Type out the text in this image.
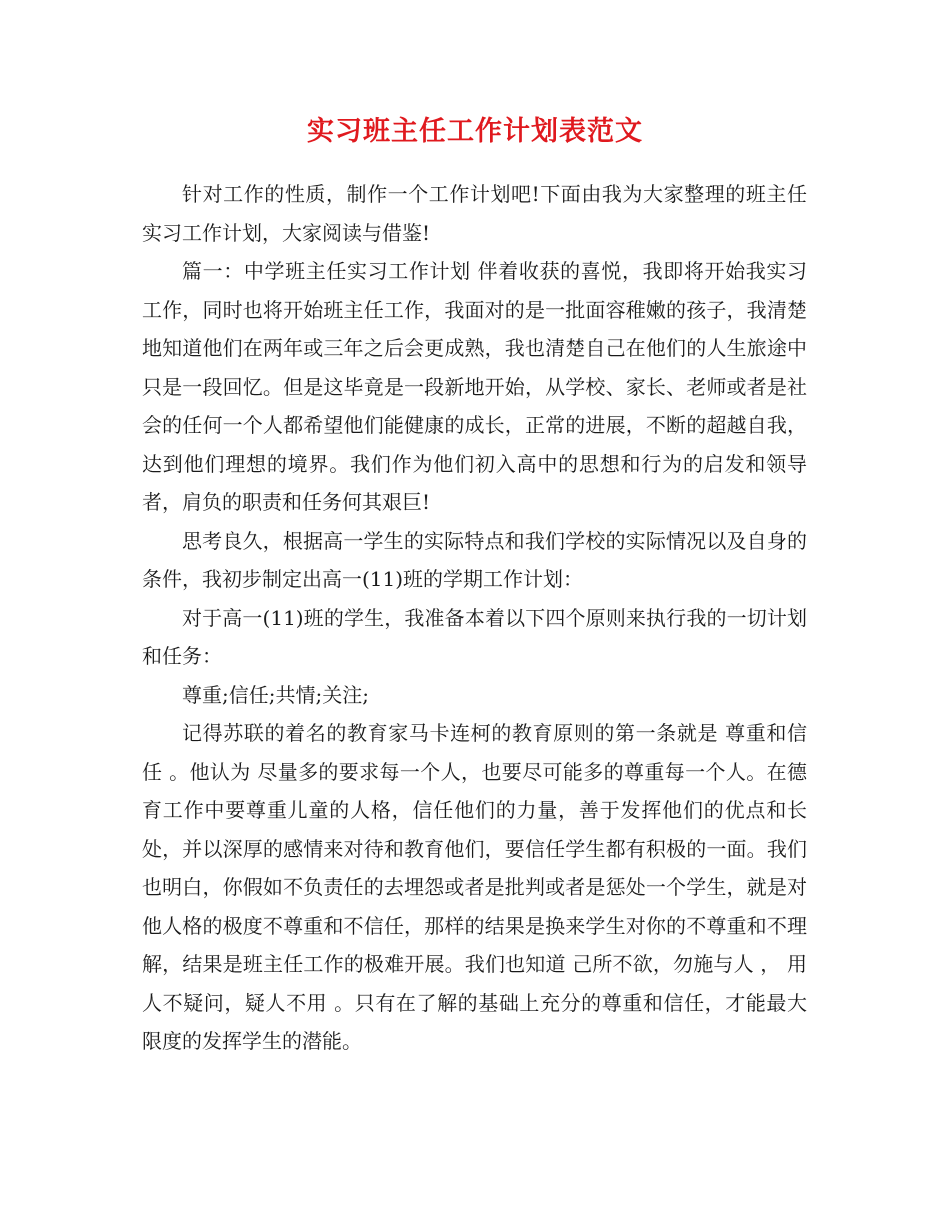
实习班主任工作计划表范文

针对工作的性质，制作一个工作计划吧!下面由我为大家整理的班主任实习工作计划，大家阅读与借鉴!

篇一：中学班主任实习工作计划 伴着收获的喜悦，我即将开始我实习工作，同时也将开始班主任工作，我面对的是一批面容稚嫩的孩子，我清楚地知道他们在两年或三年之后会更成熟，我也清楚自己在他们的人生旅途中只是一段回忆。但是这毕竟是一段新地开始，从学校、家长、老师或者是社会的任何一个人都希望他们能健康的成长，正常的进展，不断的超越自我，达到他们理想的境界。我们作为他们初入高中的思想和行为的启发和领导者，肩负的职责和任务何其艰巨!

思考良久，根据高一学生的实际特点和我们学校的实际情况以及自身的条件，我初步制定出高一(11)班的学期工作计划：

对于高一(11)班的学生，我准备本着以下四个原则来执行我的一切计划和任务：

尊重;信任;共情;关注;

记得苏联的着名的教育家马卡连柯的教育原则的第一条就是 尊重和信任 。他认为 尽量多的要求每一个人，也要尽可能多的尊重每一个人。在德育工作中要尊重儿童的人格，信任他们的力量，善于发挥他们的优点和长处，并以深厚的感情来对待和教育他们，要信任学生都有积极的一面。我们也明白，你假如不负责任的去埋怨或者是批判或者是惩处一个学生，就是对他人格的极度不尊重和不信任，那样的结果是换来学生对你的不尊重和不理解，结果是班主任工作的极难开展。我们也知道 己所不欲，勿施与人 ， 用人不疑问，疑人不用 。只有在了解的基础上充分的尊重和信任，才能最大限度的发挥学生的潜能。
